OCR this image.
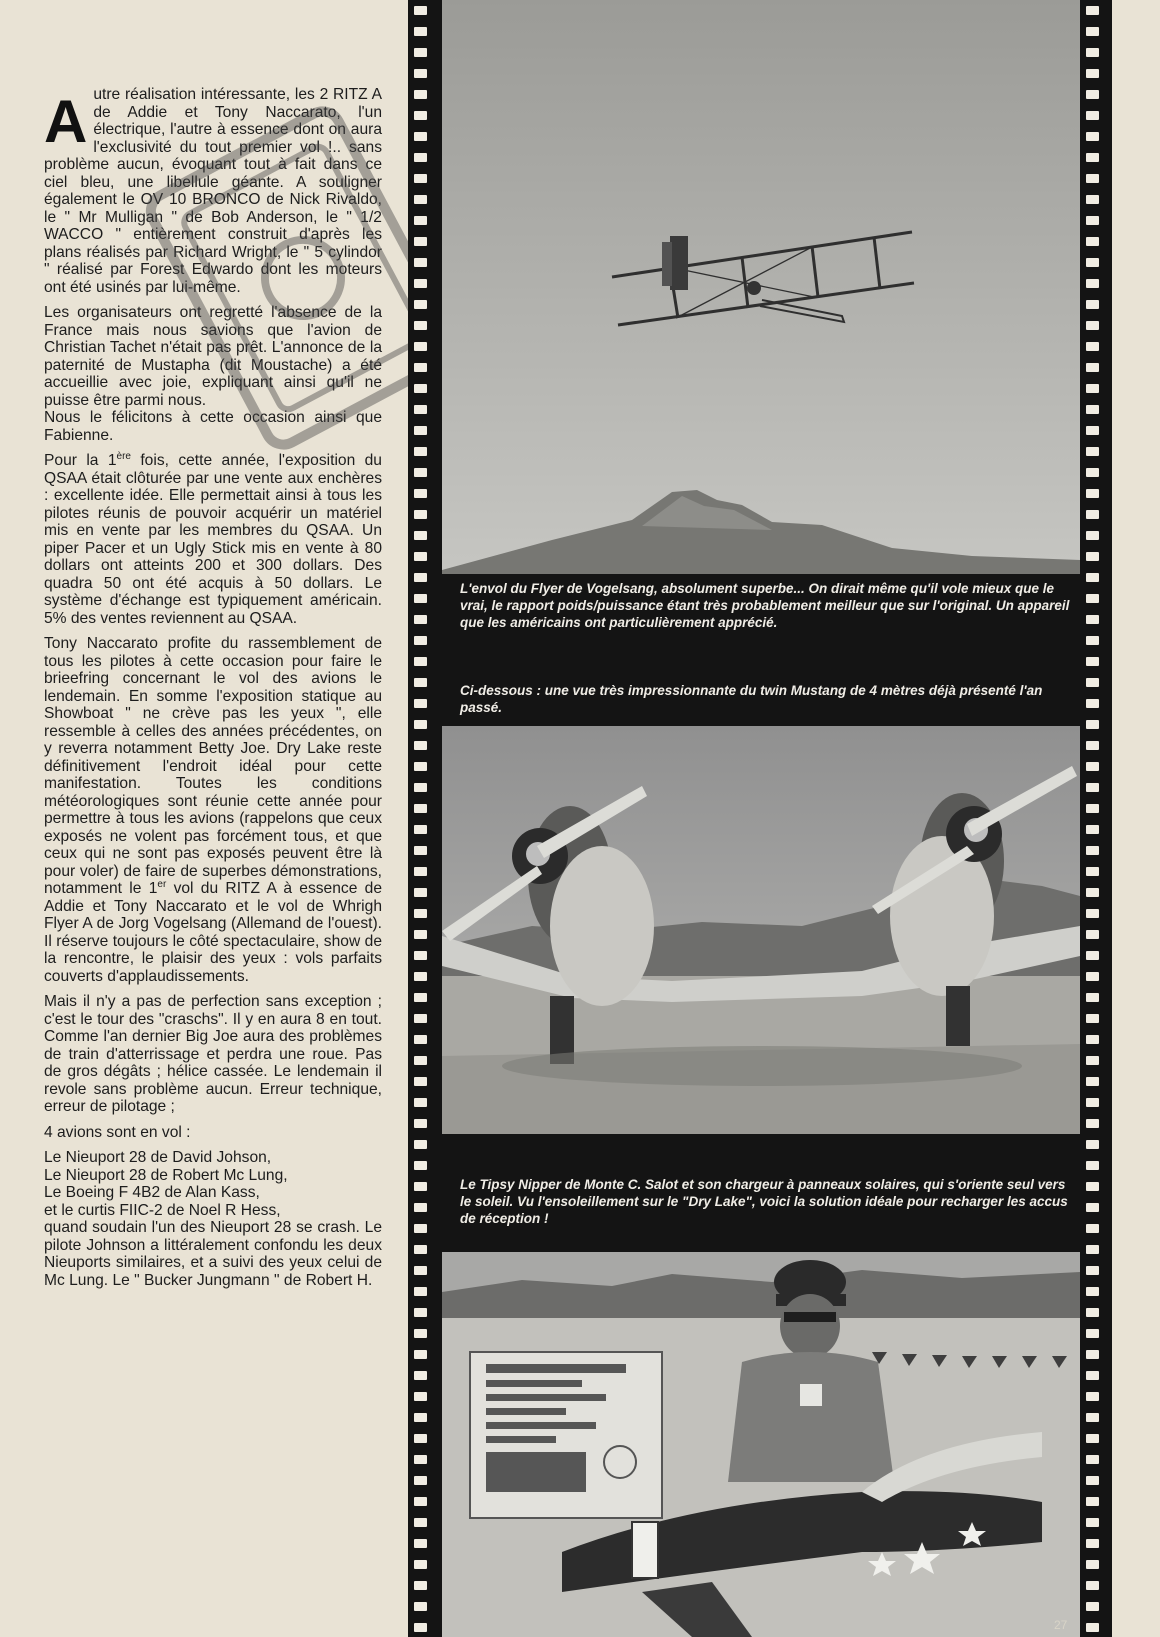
A utre réalisation intéressante, les 2 RITZ A de Addie et Tony Naccarato, l'un électrique, l'autre à essence dont on aura l'exclusivité du tout premier vol !.. sans problème aucun, évoquant tout à fait dans ce ciel bleu, une libellule géante. A souligner également le OV 10 BRONCO de Nick Rivaldo, le " Mr Mulligan " de Bob Anderson, le " 1/2 WACCO " entièrement construit d'après les plans réalisés par Richard Wright, le " 5 cylindor " réalisé par Forest Edwardo dont les moteurs ont été usinés par lui-même.

Les organisateurs ont regretté l'absence de la France mais nous savions que l'avion de Christian Tachet n'était pas prêt. L'annonce de la paternité de Mustapha (dit Moustache) a été accueillie avec joie, expliquant ainsi qu'il ne puisse être parmi nous.

Nous le félicitons à cette occasion ainsi que Fabienne.

Pour la 1ère fois, cette année, l'exposition du QSAA était clôturée par une vente aux enchères : excellente idée. Elle permettait ainsi à tous les pilotes réunis de pouvoir acquérir un matériel mis en vente par les membres du QSAA. Un piper Pacer et un Ugly Stick mis en vente à 80 dollars ont atteints 200 et 300 dollars. Des quadra 50 ont été acquis à 50 dollars. Le système d'échange est typiquement américain. 5% des ventes reviennent au QSAA.

Tony Naccarato profite du rassemblement de tous les pilotes à cette occasion pour faire le brieefring concernant le vol des avions le lendemain. En somme l'exposition statique au Showboat " ne crève pas les yeux ", elle ressemble à celles des années précédentes, on y reverra notamment Betty Joe. Dry Lake reste définitivement l'endroit idéal pour cette manifestation. Toutes les conditions météorologiques sont réunie cette année pour permettre à tous les avions (rappelons que ceux exposés ne volent pas forcément tous, et que ceux qui ne sont pas exposés peuvent être là pour voler) de faire de superbes démonstrations, notamment le 1er vol du RITZ A à essence de Addie et Tony Naccarato et le vol de Whrigh Flyer A de Jorg Vogelsang (Allemand de l'ouest). Il réserve toujours le côté spectaculaire, show de la rencontre, le plaisir des yeux : vols parfaits couverts d'applaudissements.

Mais il n'y a pas de perfection sans exception ; c'est le tour des "craschs". Il y en aura 8 en tout. Comme l'an dernier Big Joe aura des problèmes de train d'atterrissage et perdra une roue. Pas de gros dégâts ; hélice cassée. Le lendemain il revole sans problème aucun. Erreur technique, erreur de pilotage ;

4 avions sont en vol :

Le Nieuport 28 de David Johson,
Le Nieuport 28 de Robert Mc Lung,
Le Boeing F 4B2 de Alan Kass,
et le curtis FIIC-2 de Noel R Hess,

quand soudain l'un des Nieuport 28 se crash. Le pilote Johnson a littéralement confondu les deux Nieuports similaires, et a suivi des yeux celui de Mc Lung. Le " Bucker Jungmann " de Robert H.

L'envol du Flyer de Vogelsang, absolument superbe... On dirait même qu'il vole mieux que le vrai, le rapport poids/puissance étant très probablement meilleur que sur l'original. Un appareil que les américains ont particulièrement apprécié.
Ci-dessous : une vue très impressionnante du twin Mustang de 4 mètres déjà présenté l'an passé.
Le Tipsy Nipper de Monte C. Salot et son chargeur à panneaux solaires, qui s'oriente seul vers le soleil. Vu l'ensoleillement sur le "Dry Lake", voici la solution idéale pour recharger les accus de réception !
27
